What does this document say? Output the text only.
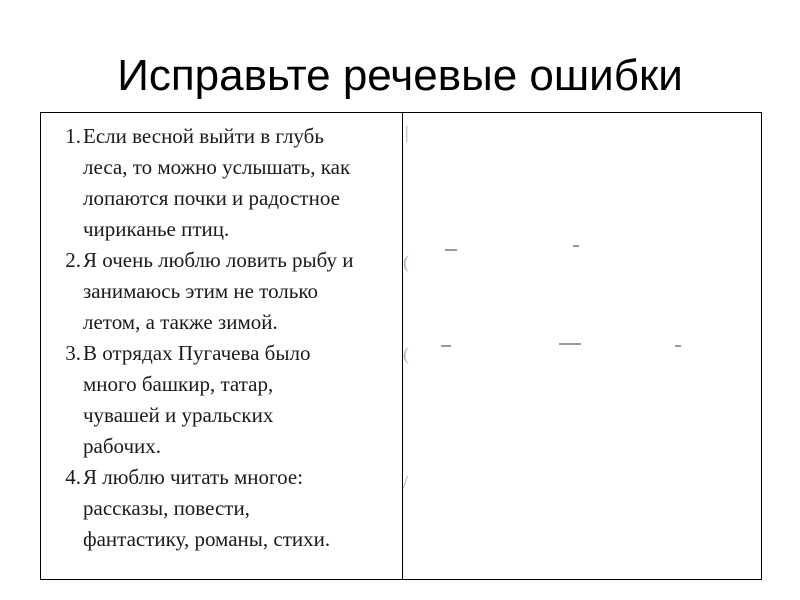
Исправьте речевые ошибки
1. Если весной выйти в глубь
леса, то можно услышать, как
лопаются почки и радостное
чириканье птиц.
2. Я очень люблю ловить рыбу и
занимаюсь этим не только
летом, а также зимой.
3. В отрядах Пугачева было
много башкир, татар,
чувашей и уральских
рабочих.
4. Я люблю читать многое:
рассказы, повести,
фантастику, романы, стихи.
|
(
(
/
